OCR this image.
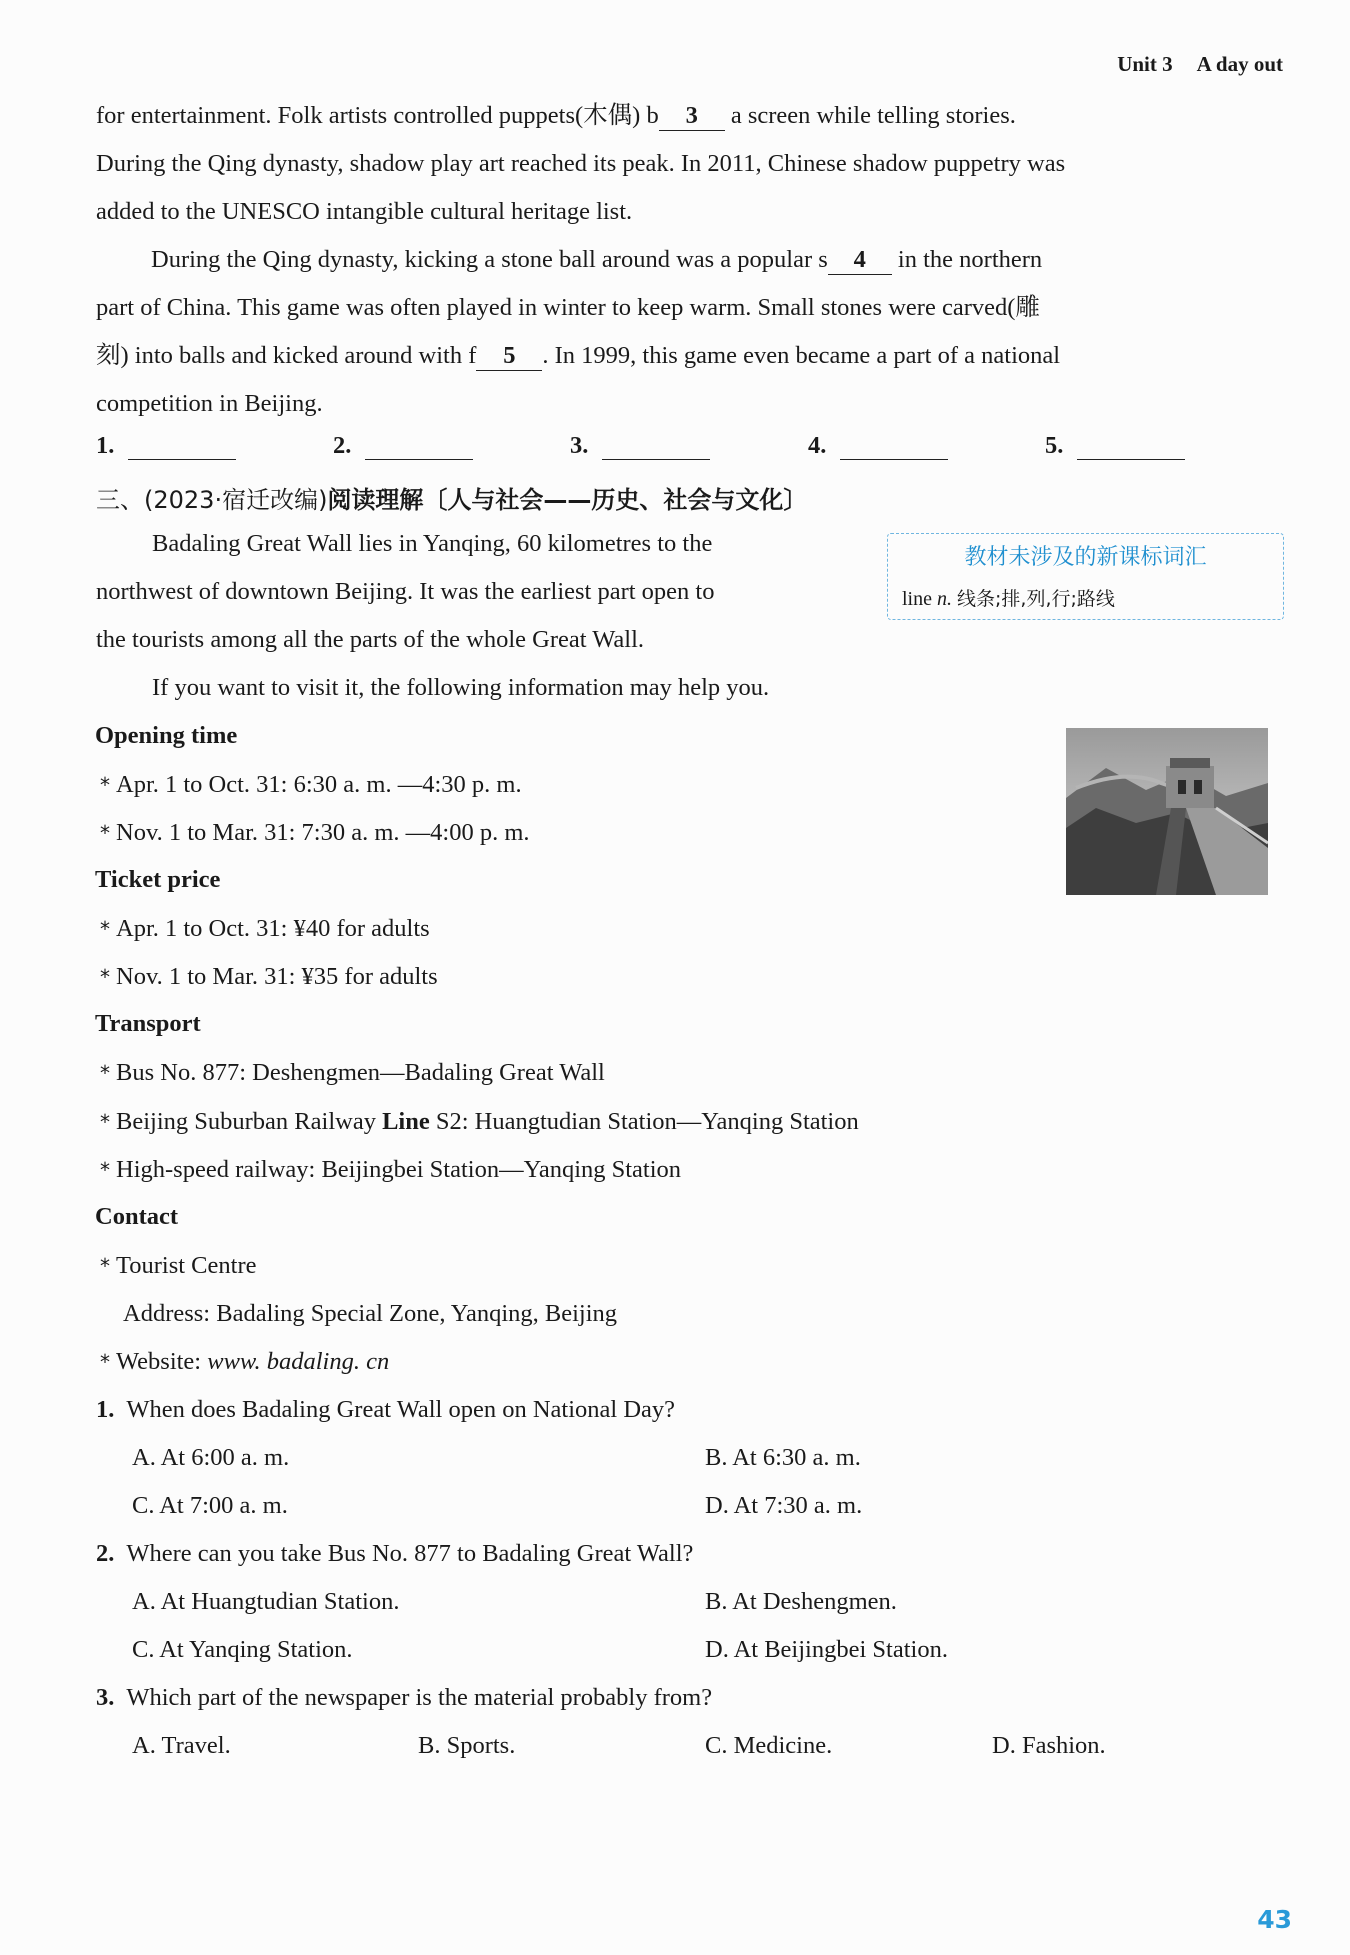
Unit 3 A day out
for entertainment. Folk artists controlled puppets(木偶) b 3 a screen while telling stories.
During the Qing dynasty, shadow play art reached its peak. In 2011, Chinese shadow puppetry was
added to the UNESCO intangible cultural heritage list.
During the Qing dynasty, kicking a stone ball around was a popular s 4 in the northern
part of China. This game was often played in winter to keep warm. Small stones were carved(雕
刻) into balls and kicked around with f 5 . In 1999, this game even became a part of a national
competition in Beijing.
1.	2.	3.	4.	5.
三、(2023·宿迁改编)阅读理解〔人与社会——历史、社会与文化〕
教材未涉及的新课标词汇
line n. 线条;排,列,行;路线
Badaling Great Wall lies in Yanqing, 60 kilometres to the
northwest of downtown Beijing. It was the earliest part open to
the tourists among all the parts of the whole Great Wall.
If you want to visit it, the following information may help you.
Opening time
* Apr. 1 to Oct. 31: 6:30 a. m. —4:30 p. m.
* Nov. 1 to Mar. 31: 7:30 a. m. —4:00 p. m.
Ticket price
* Apr. 1 to Oct. 31: ¥40 for adults
* Nov. 1 to Mar. 31: ¥35 for adults
Transport
* Bus No. 877: Deshengmen—Badaling Great Wall
* Beijing Suburban Railway Line S2: Huangtudian Station—Yanqing Station
* High-speed railway: Beijingbei Station—Yanqing Station
Contact
* Tourist Centre
Address: Badaling Special Zone, Yanqing, Beijing
* Website: www. badaling. cn
1. When does Badaling Great Wall open on National Day?
A. At 6:00 a. m.	B. At 6:30 a. m.
C. At 7:00 a. m.	D. At 7:30 a. m.
2. Where can you take Bus No. 877 to Badaling Great Wall?
A. At Huangtudian Station.	B. At Deshengmen.
C. At Yanqing Station.	D. At Beijingbei Station.
3. Which part of the newspaper is the material probably from?
A. Travel.	B. Sports.	C. Medicine.	D. Fashion.
43
